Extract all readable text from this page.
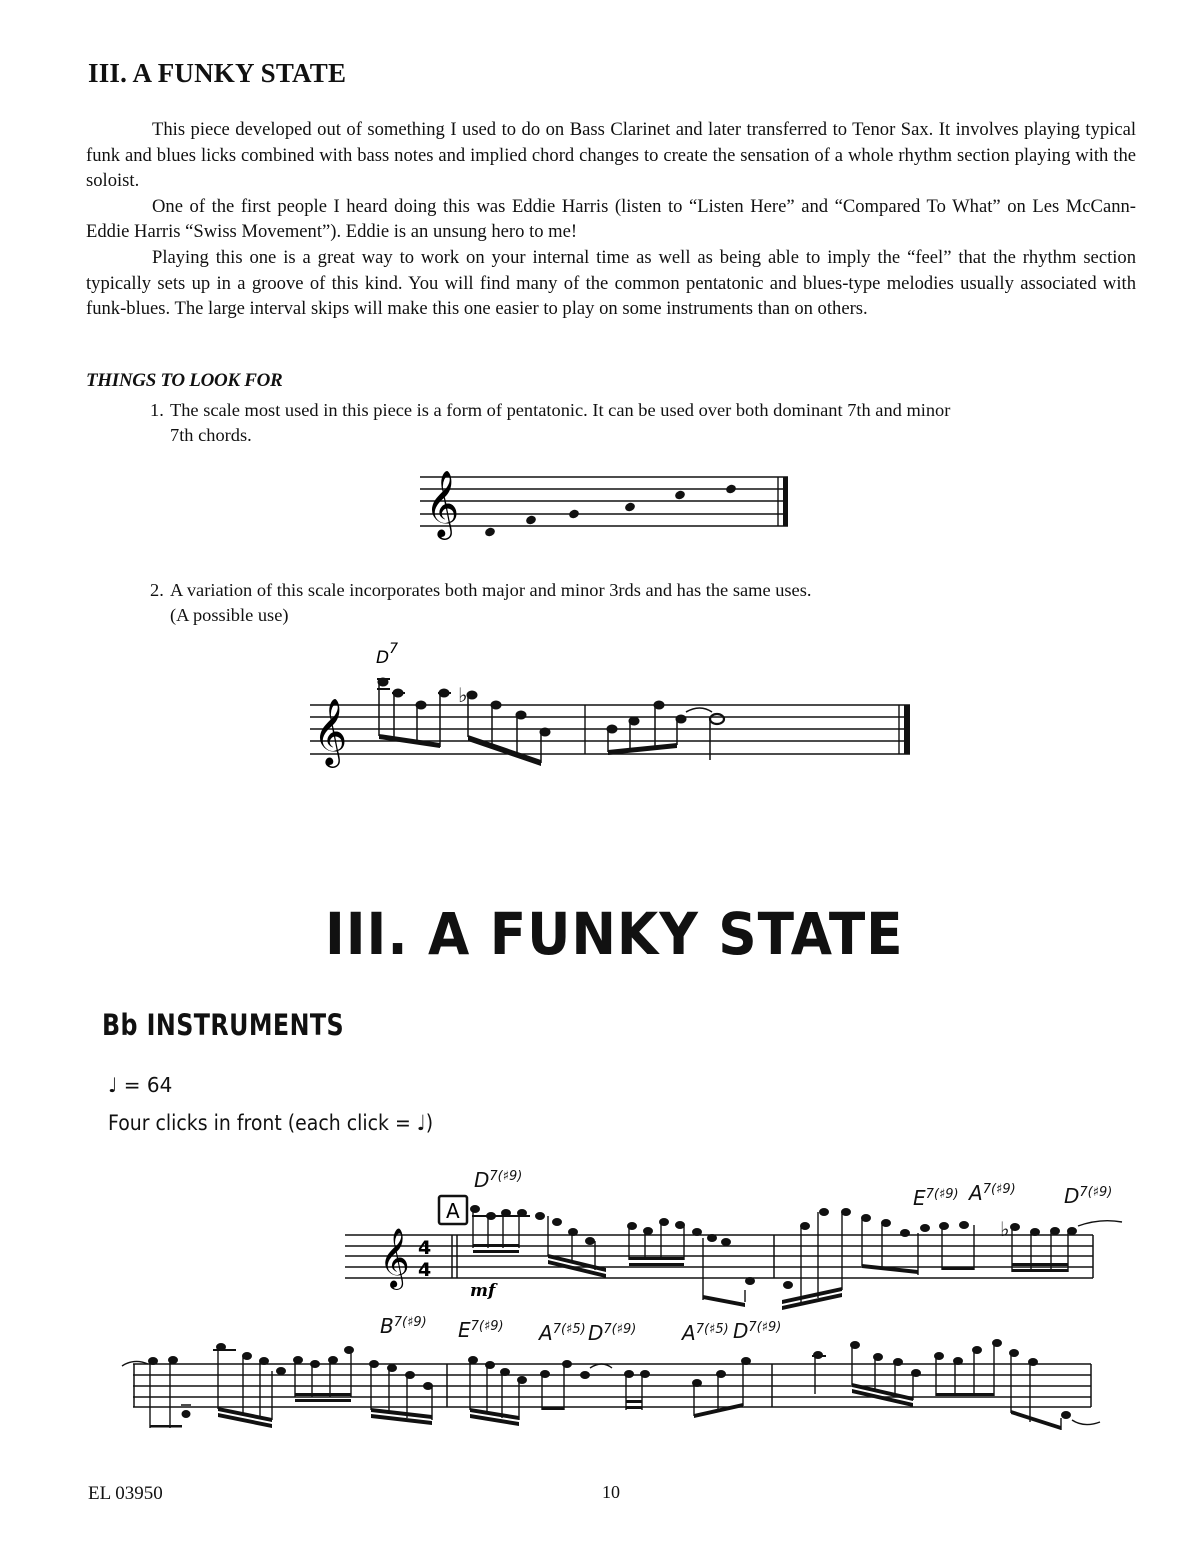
III. A FUNKY STATE

This piece developed out of something I used to do on Bass Clarinet and later transferred to Tenor Sax. It involves playing typical funk and blues licks combined with bass notes and implied chord changes to create the sensation of a whole rhythm section playing with the soloist.

One of the first people I heard doing this was Eddie Harris (listen to “Listen Here” and “Compared To What” on Les McCann-Eddie Harris “Swiss Movement”). Eddie is an unsung hero to me!

Playing this one is a great way to work on your internal time as well as being able to imply the “feel” that the rhythm section typically sets up in a groove of this kind. You will find many of the common pentatonic and blues-type melodies usually associated with funk-blues. The large interval skips will make this one easier to play on some instruments than on others.

THINGS TO LOOK FOR
1. The scale most used in this piece is a form of pentatonic. It can be used over both dominant 7th and minor
7th chords.
2. A variation of this scale incorporates both major and minor 3rds and has the same uses.
(A possible use)
𝄞
$D^7$
𝄞
♭
III. A FUNKY STATE
Bb INSTRUMENTS
♩ = 64
Four clicks in front (each click = ♩)
$D^{7(♯9)}$
$E^{7(♯9)}$ $A^{7(♯9)}$ $D^{7(♯9)}$
A
𝄞 4
4
mf
♭
$B^{7(♯9)}$ $E^{7(♯9)}$ $A^{7(♯5)}$ $D^{7(♯9)}$ $A^{7(♯5)}$ $D^{7(♯9)}$
EL 03950	10
